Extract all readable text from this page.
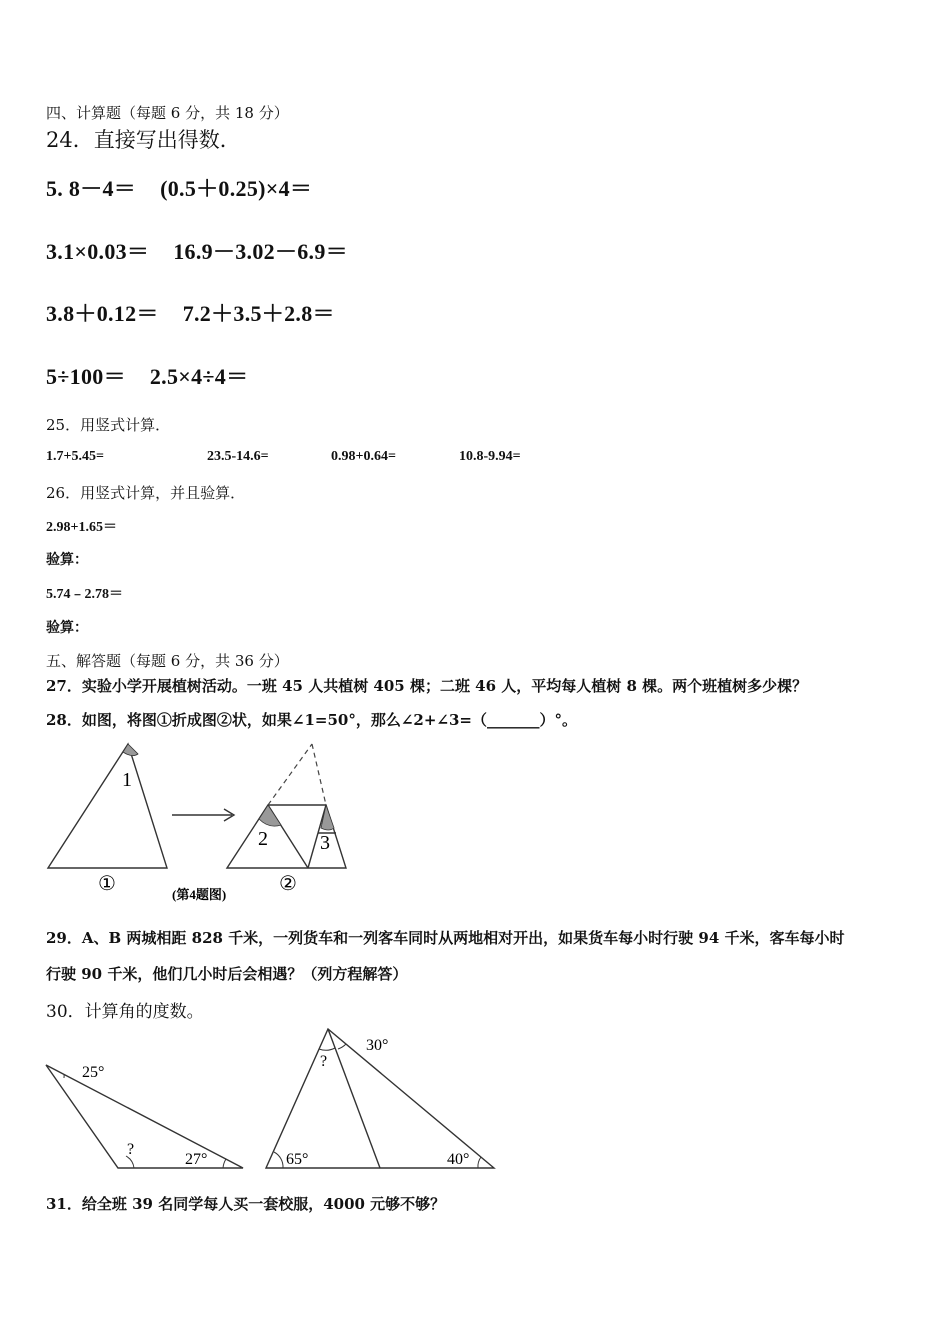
四、计算题（每题 6 分，共 18 分）
24．直接写出得数．
5. 8－4＝ (0.5＋0.25)×4＝
3.1×0.03＝ 16.9－3.02－6.9＝
3.8＋0.12＝ 7.2＋3.5＋2.8＝
5÷100＝ 2.5×4÷4＝
25．用竖式计算．
1.7+5.45=	23.5-14.6=	0.98+0.64=	10.8-9.94=
26．用竖式计算，并且验算．
2.98+1.65＝
验算：
5.74﹣2.78＝
验算：
五、解答题（每题 6 分，共 36 分）
27．实验小学开展植树活动。一班 45 人共植树 405 棵；二班 46 人，平均每人植树 8 棵。两个班植树多少棵？
28．如图，将图①折成图②状，如果∠1=50°，那么∠2+∠3=（_______）°。
1
2	3
①	②
(第4题图)
29．A、B 两城相距 828 千米，一列货车和一列客车同时从两地相对开出，如果货车每小时行驶 94 千米，客车每小时
行驶 90 千米，他们几小时后会相遇？（列方程解答）
30．计算角的度数。
25°
?
27°
30°
?
65°	40°
31．给全班 39 名同学每人买一套校服，4000 元够不够？
